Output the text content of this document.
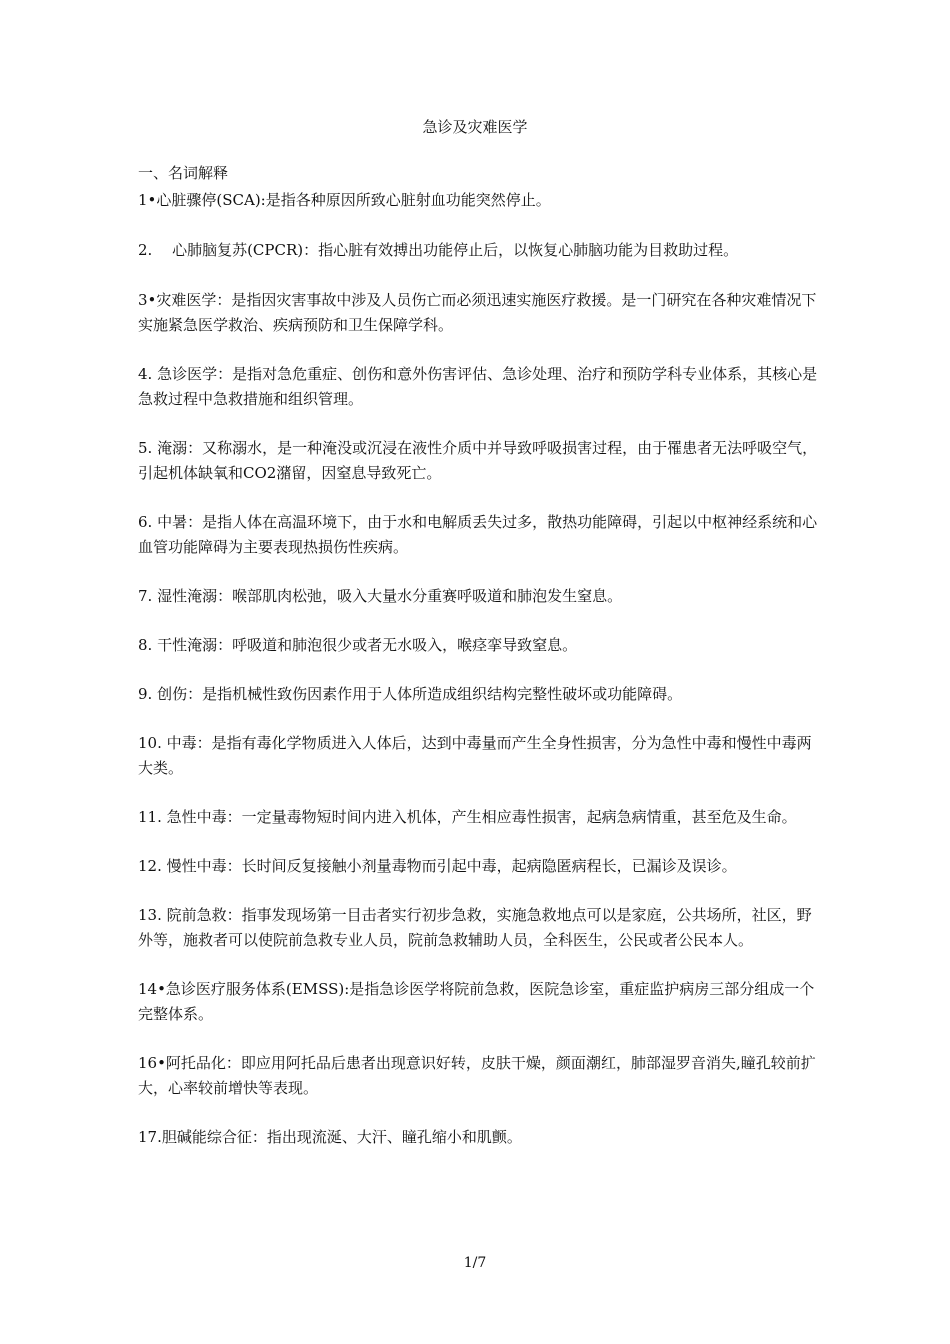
急诊及灾难医学
一、名词解释

1•心脏骤停(SCA):是指各种原因所致心脏射血功能突然停止。

2.　 心肺脑复苏(CPCR)：指心脏有效搏出功能停止后，以恢复心肺脑功能为目救助过程。

3•灾难医学：是指因灾害事故中涉及人员伤亡而必须迅速实施医疗救援。是一门研究在各种灾难情况下实施紧急医学救治、疾病预防和卫生保障学科。

4. 急诊医学：是指对急危重症、创伤和意外伤害评估、急诊处理、治疗和预防学科专业体系，其核心是急救过程中急救措施和组织管理。

5. 淹溺：又称溺水，是一种淹没或沉浸在液性介质中并导致呼吸损害过程，由于罹患者无法呼吸空气，引起机体缺氧和CO2潴留，因窒息导致死亡。

6. 中暑：是指人体在高温环境下，由于水和电解质丢失过多，散热功能障碍，引起以中枢神经系统和心血管功能障碍为主要表现热损伤性疾病。

7. 湿性淹溺：喉部肌肉松弛，吸入大量水分重赛呼吸道和肺泡发生窒息。

8. 干性淹溺：呼吸道和肺泡很少或者无水吸入，喉痉挛导致窒息。

9. 创伤：是指机械性致伤因素作用于人体所造成组织结构完整性破坏或功能障碍。

10. 中毒：是指有毒化学物质进入人体后，达到中毒量而产生全身性损害，分为急性中毒和慢性中毒两大类。

11. 急性中毒：一定量毒物短时间内进入机体，产生相应毒性损害，起病急病情重，甚至危及生命。

12. 慢性中毒：长时间反复接触小剂量毒物而引起中毒，起病隐匿病程长，已漏诊及误诊。

13. 院前急救：指事发现场第一目击者实行初步急救，实施急救地点可以是家庭，公共场所，社区，野外等，施救者可以使院前急救专业人员，院前急救辅助人员，全科医生，公民或者公民本人。

14•急诊医疗服务体系(EMSS):是指急诊医学将院前急救，医院急诊室，重症监护病房三部分组成一个完整体系。

16•阿托品化：即应用阿托品后患者出现意识好转，皮肤干燥，颜面潮红，肺部湿罗音消失,瞳孔较前扩大，心率较前增快等表现。

17.胆碱能综合征：指出现流涎、大汗、瞳孔缩小和肌颤。

1/7
